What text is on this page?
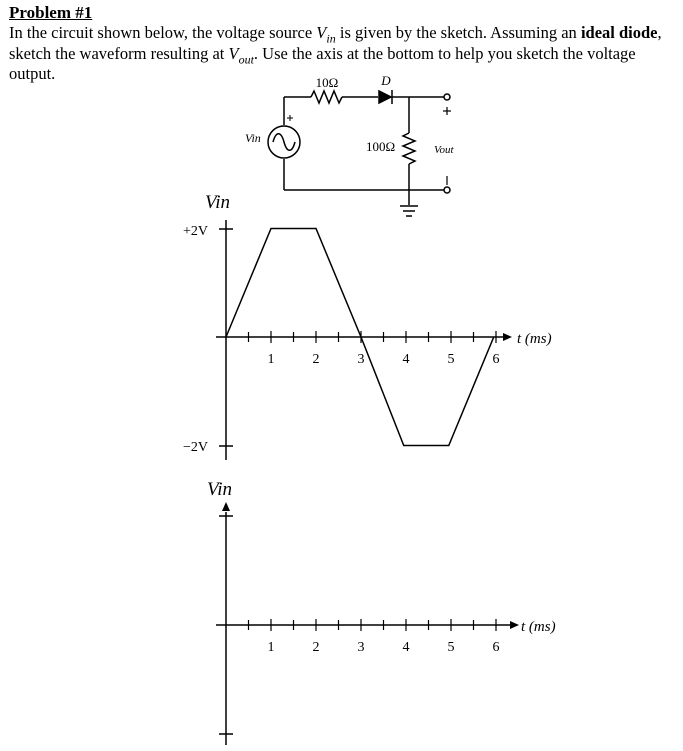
Problem #1

In the circuit shown below, the voltage source $V_{in}$ is given by the sketch. Assuming an ideal diode, sketch the waveform resulting at $V_{out}$. Use the axis at the bottom to help you sketch the voltage output.	10Ω	D
Vin
100Ω	Vout
1	2	3	4	5	6
+2V
−2V
Vin
t (ms)
1	2	3	4	5	6
Vin
t (ms)
